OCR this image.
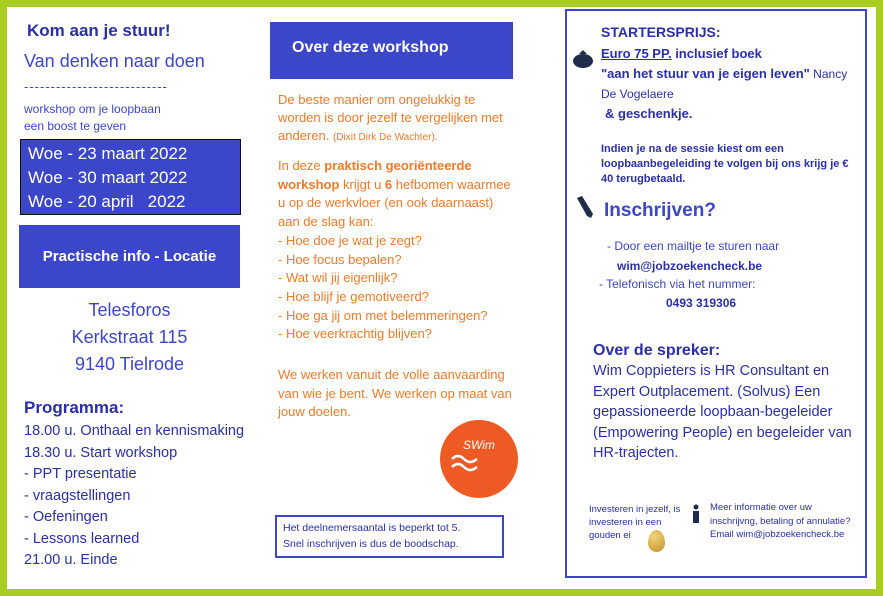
Kom aan je stuur!
Van denken naar doen
---------------------------
workshop om je loopbaan
een boost te geven
Woe - 23 maart 2022
Woe - 30 maart 2022
Woe - 20 april   2022
Practische info - Locatie
Telesforos
Kerkstraat 115
9140 Tielrode
Programma:
18.00 u. Onthaal en kennismaking
18.30 u. Start workshop
- PPT presentatie
- vraagstellingen
- Oefeningen
- Lessons learned
21.00 u. Einde
Over deze workshop
De beste manier om ongelukkig te worden is door jezelf te vergelijken met anderen. (Dixit Dirk De Wachter).
In deze praktisch georiënteerde workshop krijgt u 6 hefbomen waarmee u op de werkvloer (en ook daarnaast) aan de slag kan:
- Hoe doe je wat je zegt?
- Hoe focus bepalen?
- Wat wil jij eigenlijk?
- Hoe blijf je gemotiveerd?
- Hoe ga jij om met belemmeringen?
- Hoe veerkrachtig blijven?
We werken vanuit de volle aanvaarding van wie je bent. We werken op maat van jouw doelen.
SWim
Het deelnemersaantal is beperkt tot 5.
Snel inschrijven is dus de boodschap.
STARTERSPRIJS:
Euro 75 PP. inclusief boek
"aan het stuur van je eigen leven" Nancy De Vogelaere
& geschenkje.
Indien je na de sessie kiest om een loopbaanbegeleiding te volgen bij ons krijg je € 40 terugbetaald.
Inschrijven?
- Door een mailtje te sturen naar
wim@jobzoekencheck.be
- Telefonisch via het nummer:
0493 319306
Over de spreker:
Wim Coppieters is HR Consultant en Expert Outplacement. (Solvus) Een gepassioneerde loopbaan-begeleider (Empowering People) en begeleider van HR-trajecten.
Investeren in jezelf, is investeren in een gouden ei
Meer informatie over uw inschrijvng, betaling of annulatie? Email wim@jobzoekencheck.be
